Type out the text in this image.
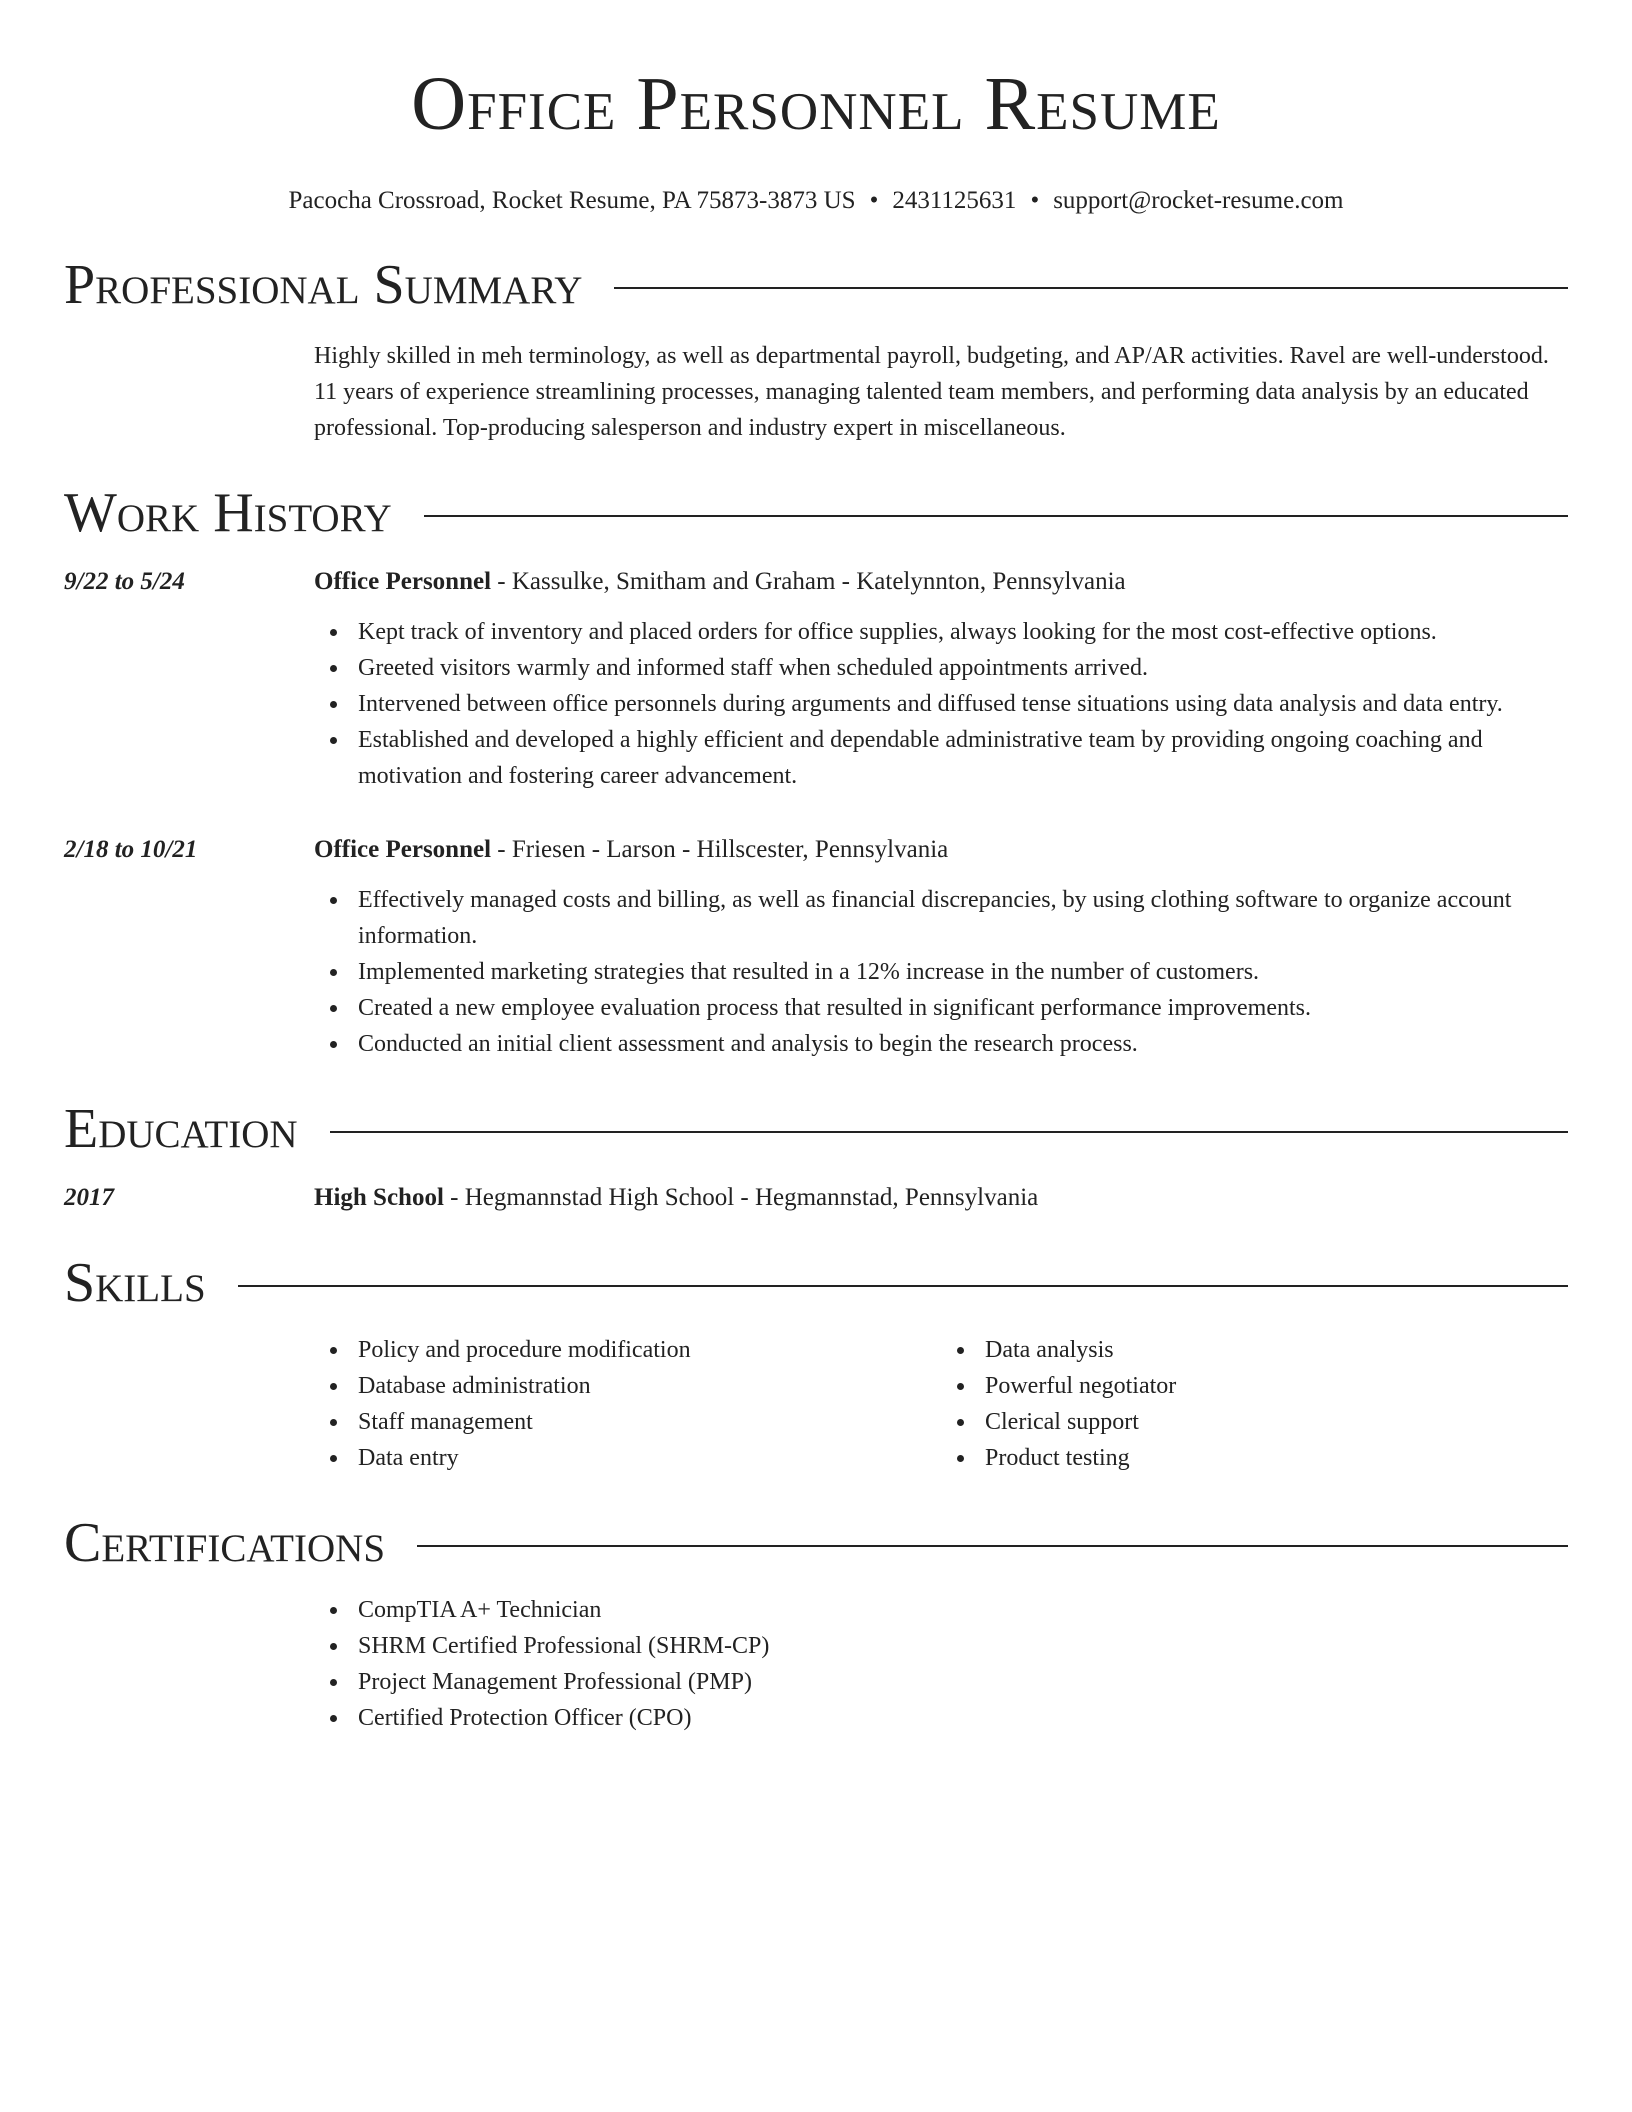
Office Personnel Resume
Pacocha Crossroad, Rocket Resume, PA 75873-3873 US • 2431125631 • support@rocket-resume.com
Professional Summary
Highly skilled in meh terminology, as well as departmental payroll, budgeting, and AP/AR activities. Ravel are well-understood. 11 years of experience streamlining processes, managing talented team members, and performing data analysis by an educated professional. Top-producing salesperson and industry expert in miscellaneous.
Work History
9/22 to 5/24	Office Personnel - Kassulke, Smitham and Graham - Katelynnton, Pennsylvania
Kept track of inventory and placed orders for office supplies, always looking for the most cost-effective options.
Greeted visitors warmly and informed staff when scheduled appointments arrived.
Intervened between office personnels during arguments and diffused tense situations using data analysis and data entry.
Established and developed a highly efficient and dependable administrative team by providing ongoing coaching and motivation and fostering career advancement.
2/18 to 10/21	Office Personnel - Friesen - Larson - Hillscester, Pennsylvania
Effectively managed costs and billing, as well as financial discrepancies, by using clothing software to organize account information.
Implemented marketing strategies that resulted in a 12% increase in the number of customers.
Created a new employee evaluation process that resulted in significant performance improvements.
Conducted an initial client assessment and analysis to begin the research process.
Education
2017	High School - Hegmannstad High School - Hegmannstad, Pennsylvania
Skills
Policy and procedure modification
Database administration
Staff management
Data entry
Data analysis
Powerful negotiator
Clerical support
Product testing
Certifications
CompTIA A+ Technician
SHRM Certified Professional (SHRM-CP)
Project Management Professional (PMP)
Certified Protection Officer (CPO)
